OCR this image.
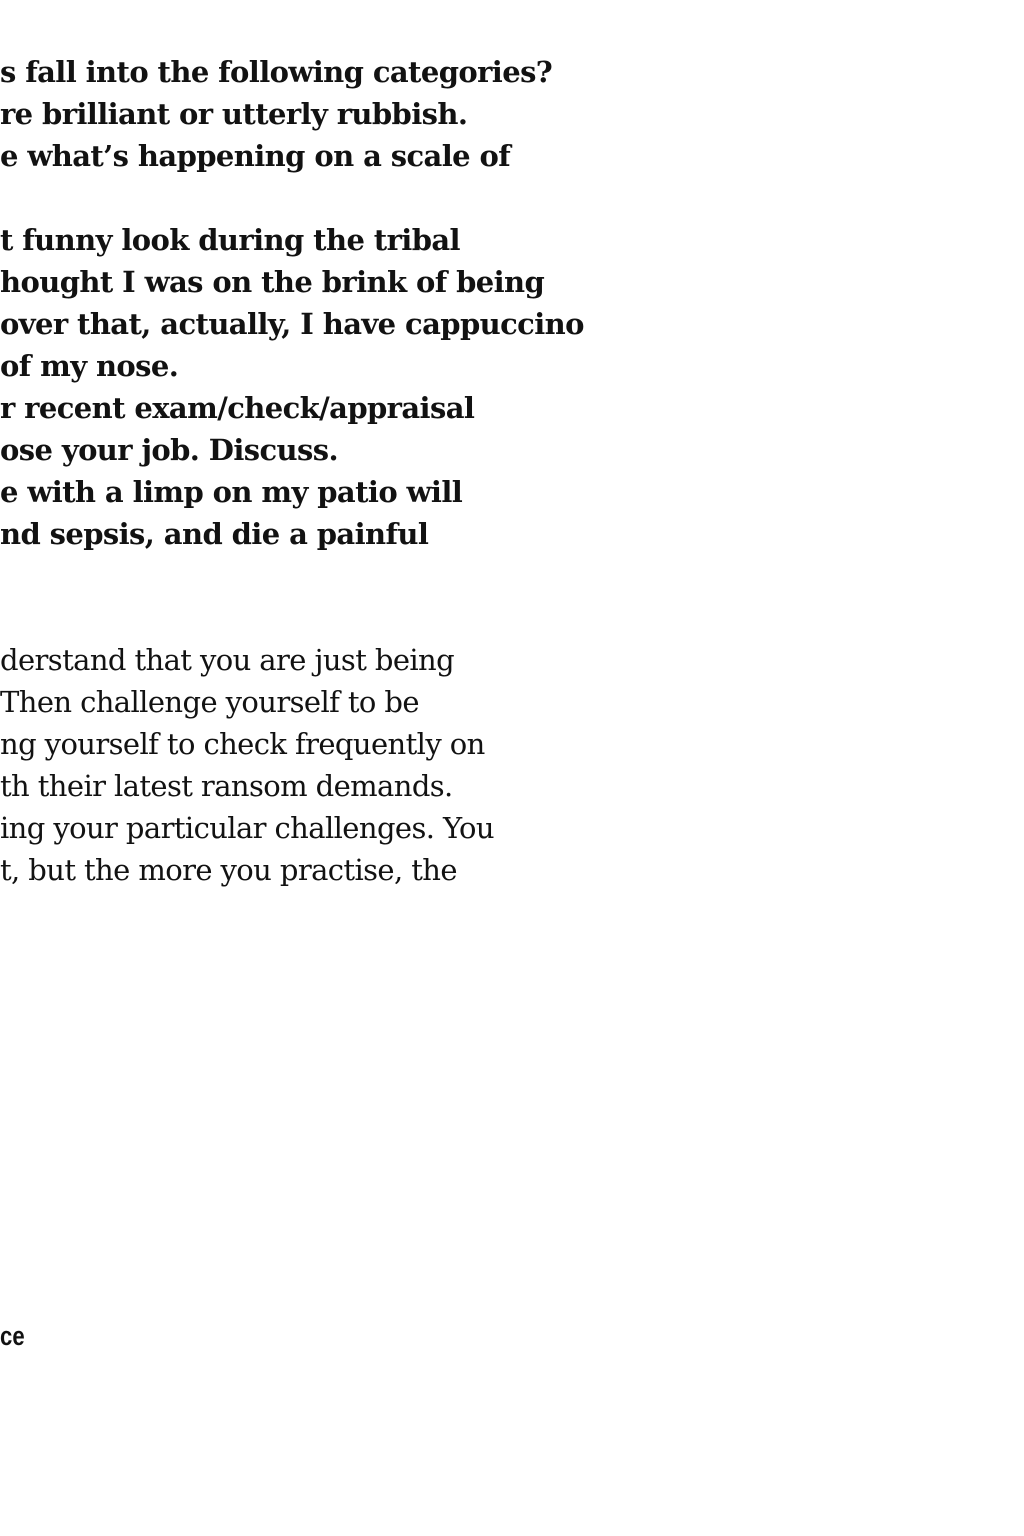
s fall into the following categories?

re brilliant or utterly rubbish.

e what’s happening on a scale of

t funny look during the tribal

hought I was on the brink of being

over that, actually, I have cappuccino

of my nose.

r recent exam/check/appraisal

ose your job. Discuss.

e with a limp on my patio will

nd sepsis, and die a painful

derstand that you are just being

Then challenge yourself to be

ng yourself to check frequently on

th their latest ransom demands.

ing your particular challenges. You

t, but the more you practise, the

ce
